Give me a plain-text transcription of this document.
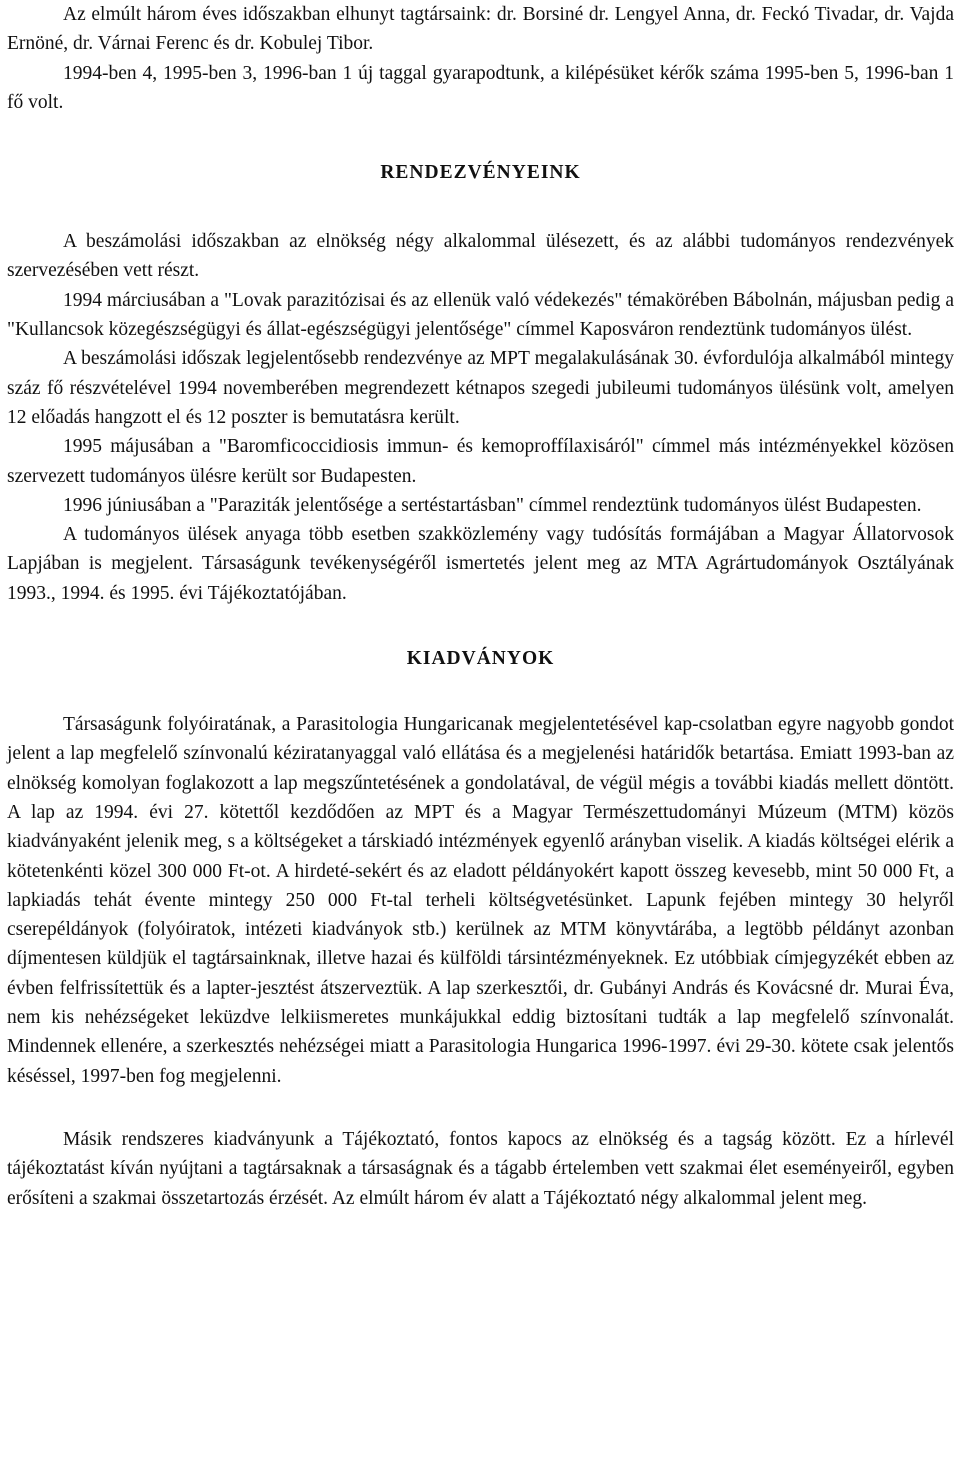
Az elmúlt három éves időszakban elhunyt tagtársaink: dr. Borsiné dr. Lengyel Anna, dr. Feckó Tivadar, dr. Vajda Ernöné, dr. Várnai Ferenc és dr. Kobulej Tibor.

1994-ben 4, 1995-ben 3, 1996-ban 1 új taggal gyarapodtunk, a kilépésüket kérők száma 1995-ben 5, 1996-ban 1 fő volt.

RENDEZVÉNYEINK

A beszámolási időszakban az elnökség négy alkalommal ülésezett, és az alábbi tudományos rendezvények szervezésében vett részt.

1994 márciusában a "Lovak parazitózisai és az ellenük való védekezés" témakörében Bábolnán, májusban pedig a "Kullancsok közegészségügyi és állat-egészségügyi jelentősége" címmel Kaposváron rendeztünk tudományos ülést.

A beszámolási időszak legjelentősebb rendezvénye az MPT megalakulásának 30. évfordulója alkalmából mintegy száz fő részvételével 1994 novemberében megrendezett kétnapos szegedi jubileumi tudományos ülésünk volt, amelyen 12 előadás hangzott el és 12 poszter is bemutatásra került.

1995 májusában a "Baromficoccidiosis immun- és kemoproffílaxisáról" címmel más intézményekkel közösen szervezett tudományos ülésre került sor Budapesten.

1996 júniusában a "Paraziták jelentősége a sertéstartásban" címmel rendeztünk tudományos ülést Budapesten.

A tudományos ülések anyaga több esetben szakközlemény vagy tudósítás formájában a Magyar Állatorvosok Lapjában is megjelent. Társaságunk tevékenységéről ismertetés jelent meg az MTA Agrártudományok Osztályának 1993., 1994. és 1995. évi Tájékoztatójában.

KIADVÁNYOK

Társaságunk folyóiratának, a Parasitologia Hungaricanak megjelentetésével kap-csolatban egyre nagyobb gondot jelent a lap megfelelő színvonalú kéziratanyaggal való ellátása és a megjelenési határidők betartása. Emiatt 1993-ban az elnökség komolyan foglakozott a lap megszűntetésének a gondolatával, de végül mégis a további kiadás mellett döntött. A lap az 1994. évi 27. kötettől kezdődően az MPT és a Magyar Természettudományi Múzeum (MTM) közös kiadványaként jelenik meg, s a költségeket a társkiadó intézmények egyenlő arányban viselik. A kiadás költségei elérik a kötetenkénti közel 300 000 Ft-ot. A hirdeté-sekért és az eladott példányokért kapott összeg kevesebb, mint 50 000 Ft, a lapkiadás tehát évente mintegy 250 000 Ft-tal terheli költségvetésünket. Lapunk fejében mintegy 30 helyről cserepéldányok (folyóiratok, intézeti kiadványok stb.) kerülnek az MTM könyvtárába, a legtöbb példányt azonban díjmentesen küldjük el tagtársainknak, illetve hazai és külföldi társintézményeknek. Ez utóbbiak címjegyzékét ebben az évben felfrissítettük és a lapter-jesztést átszerveztük. A lap szerkesztői, dr. Gubányi András és Kovácsné dr. Murai Éva, nem kis nehézségeket leküzdve lelkiismeretes munkájukkal eddig biztosítani tudták a lap megfelelő színvonalát. Mindennek ellenére, a szerkesztés nehézségei miatt a Parasitologia Hungarica 1996-1997. évi 29-30. kötete csak jelentős késéssel, 1997-ben fog megjelenni.

Másik rendszeres kiadványunk a Tájékoztató, fontos kapocs az elnökség és a tagság között. Ez a hírlevél tájékoztatást kíván nyújtani a tagtársaknak a társaságnak és a tágabb értelemben vett szakmai élet eseményeiről, egyben erősíteni a szakmai összetartozás érzését. Az elmúlt három év alatt a Tájékoztató négy alkalommal jelent meg.
